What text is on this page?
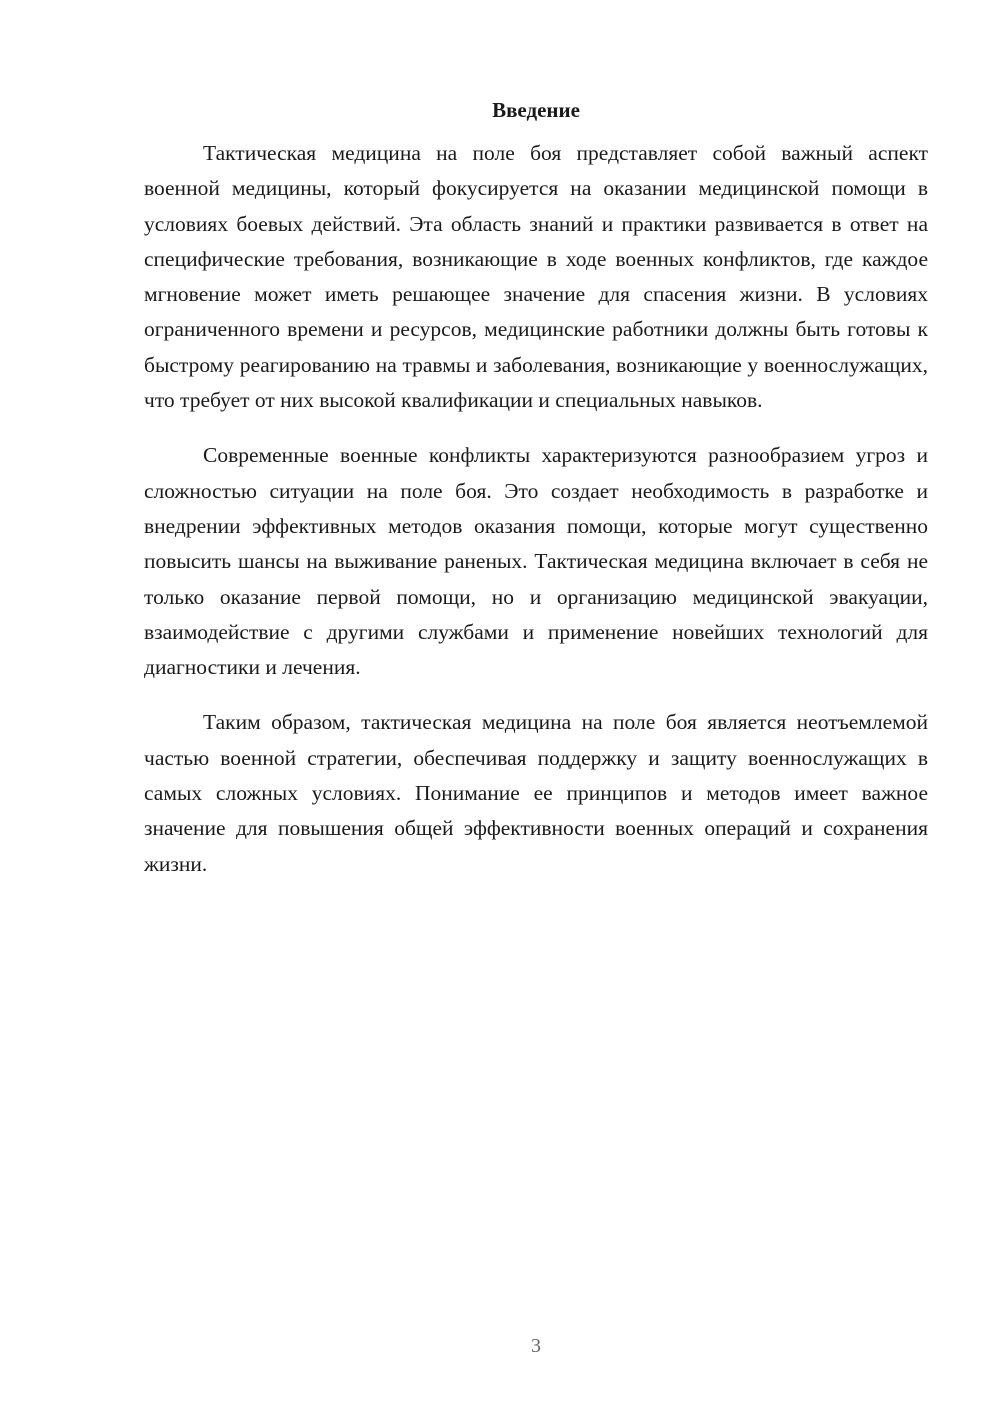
Введение

Тактическая медицина на поле боя представляет собой важный аспект военной медицины, который фокусируется на оказании медицинской помощи в условиях боевых действий. Эта область знаний и практики развивается в ответ на специфические требования, возникающие в ходе военных конфликтов, где каждое мгновение может иметь решающее значение для спасения жизни. В условиях ограниченного времени и ресурсов, медицинские работники должны быть готовы к быстрому реагированию на травмы и заболевания, возникающие у военнослужащих, что требует от них высокой квалификации и специальных навыков.

Современные военные конфликты характеризуются разнообразием угроз и сложностью ситуации на поле боя. Это создает необходимость в разработке и внедрении эффективных методов оказания помощи, которые могут существенно повысить шансы на выживание раненых. Тактическая медицина включает в себя не только оказание первой помощи, но и организацию медицинской эвакуации, взаимодействие с другими службами и применение новейших технологий для диагностики и лечения.

Таким образом, тактическая медицина на поле боя является неотъемлемой частью военной стратегии, обеспечивая поддержку и защиту военнослужащих в самых сложных условиях. Понимание ее принципов и методов имеет важное значение для повышения общей эффективности военных операций и сохранения жизни.

3
